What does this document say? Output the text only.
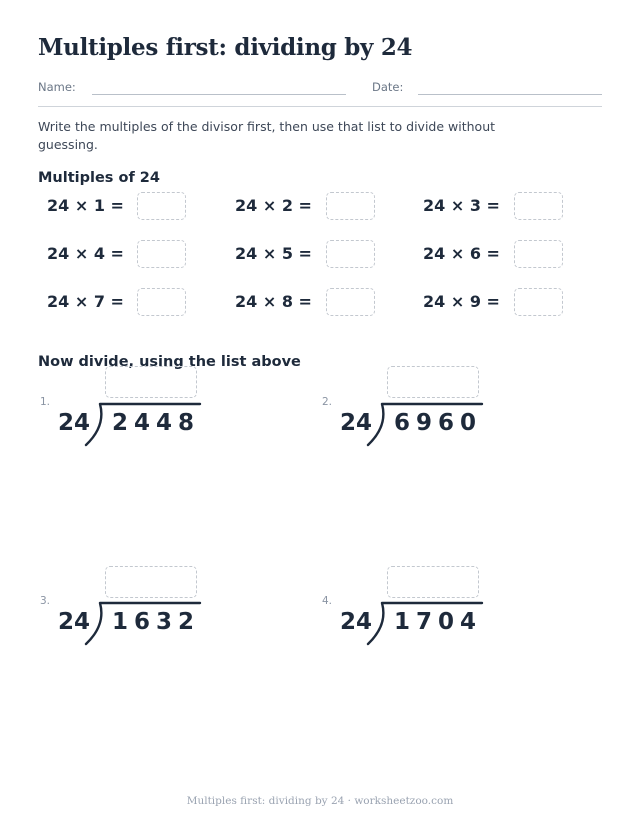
Multiples first: dividing by 24
Name:	Date:
Write the multiples of the divisor first, then use that list to divide without guessing.
Multiples of 24
24 × 1 =	24 × 2 =	24 × 3 =
24 × 4 =	24 × 5 =	24 × 6 =
24 × 7 =	24 × 8 =	24 × 9 =
Now divide, using the list above
1.
24 2448
2.
24 6960
3.
24 1632
4.
24 1704
Multiples first: dividing by 24 · worksheetzoo.com
